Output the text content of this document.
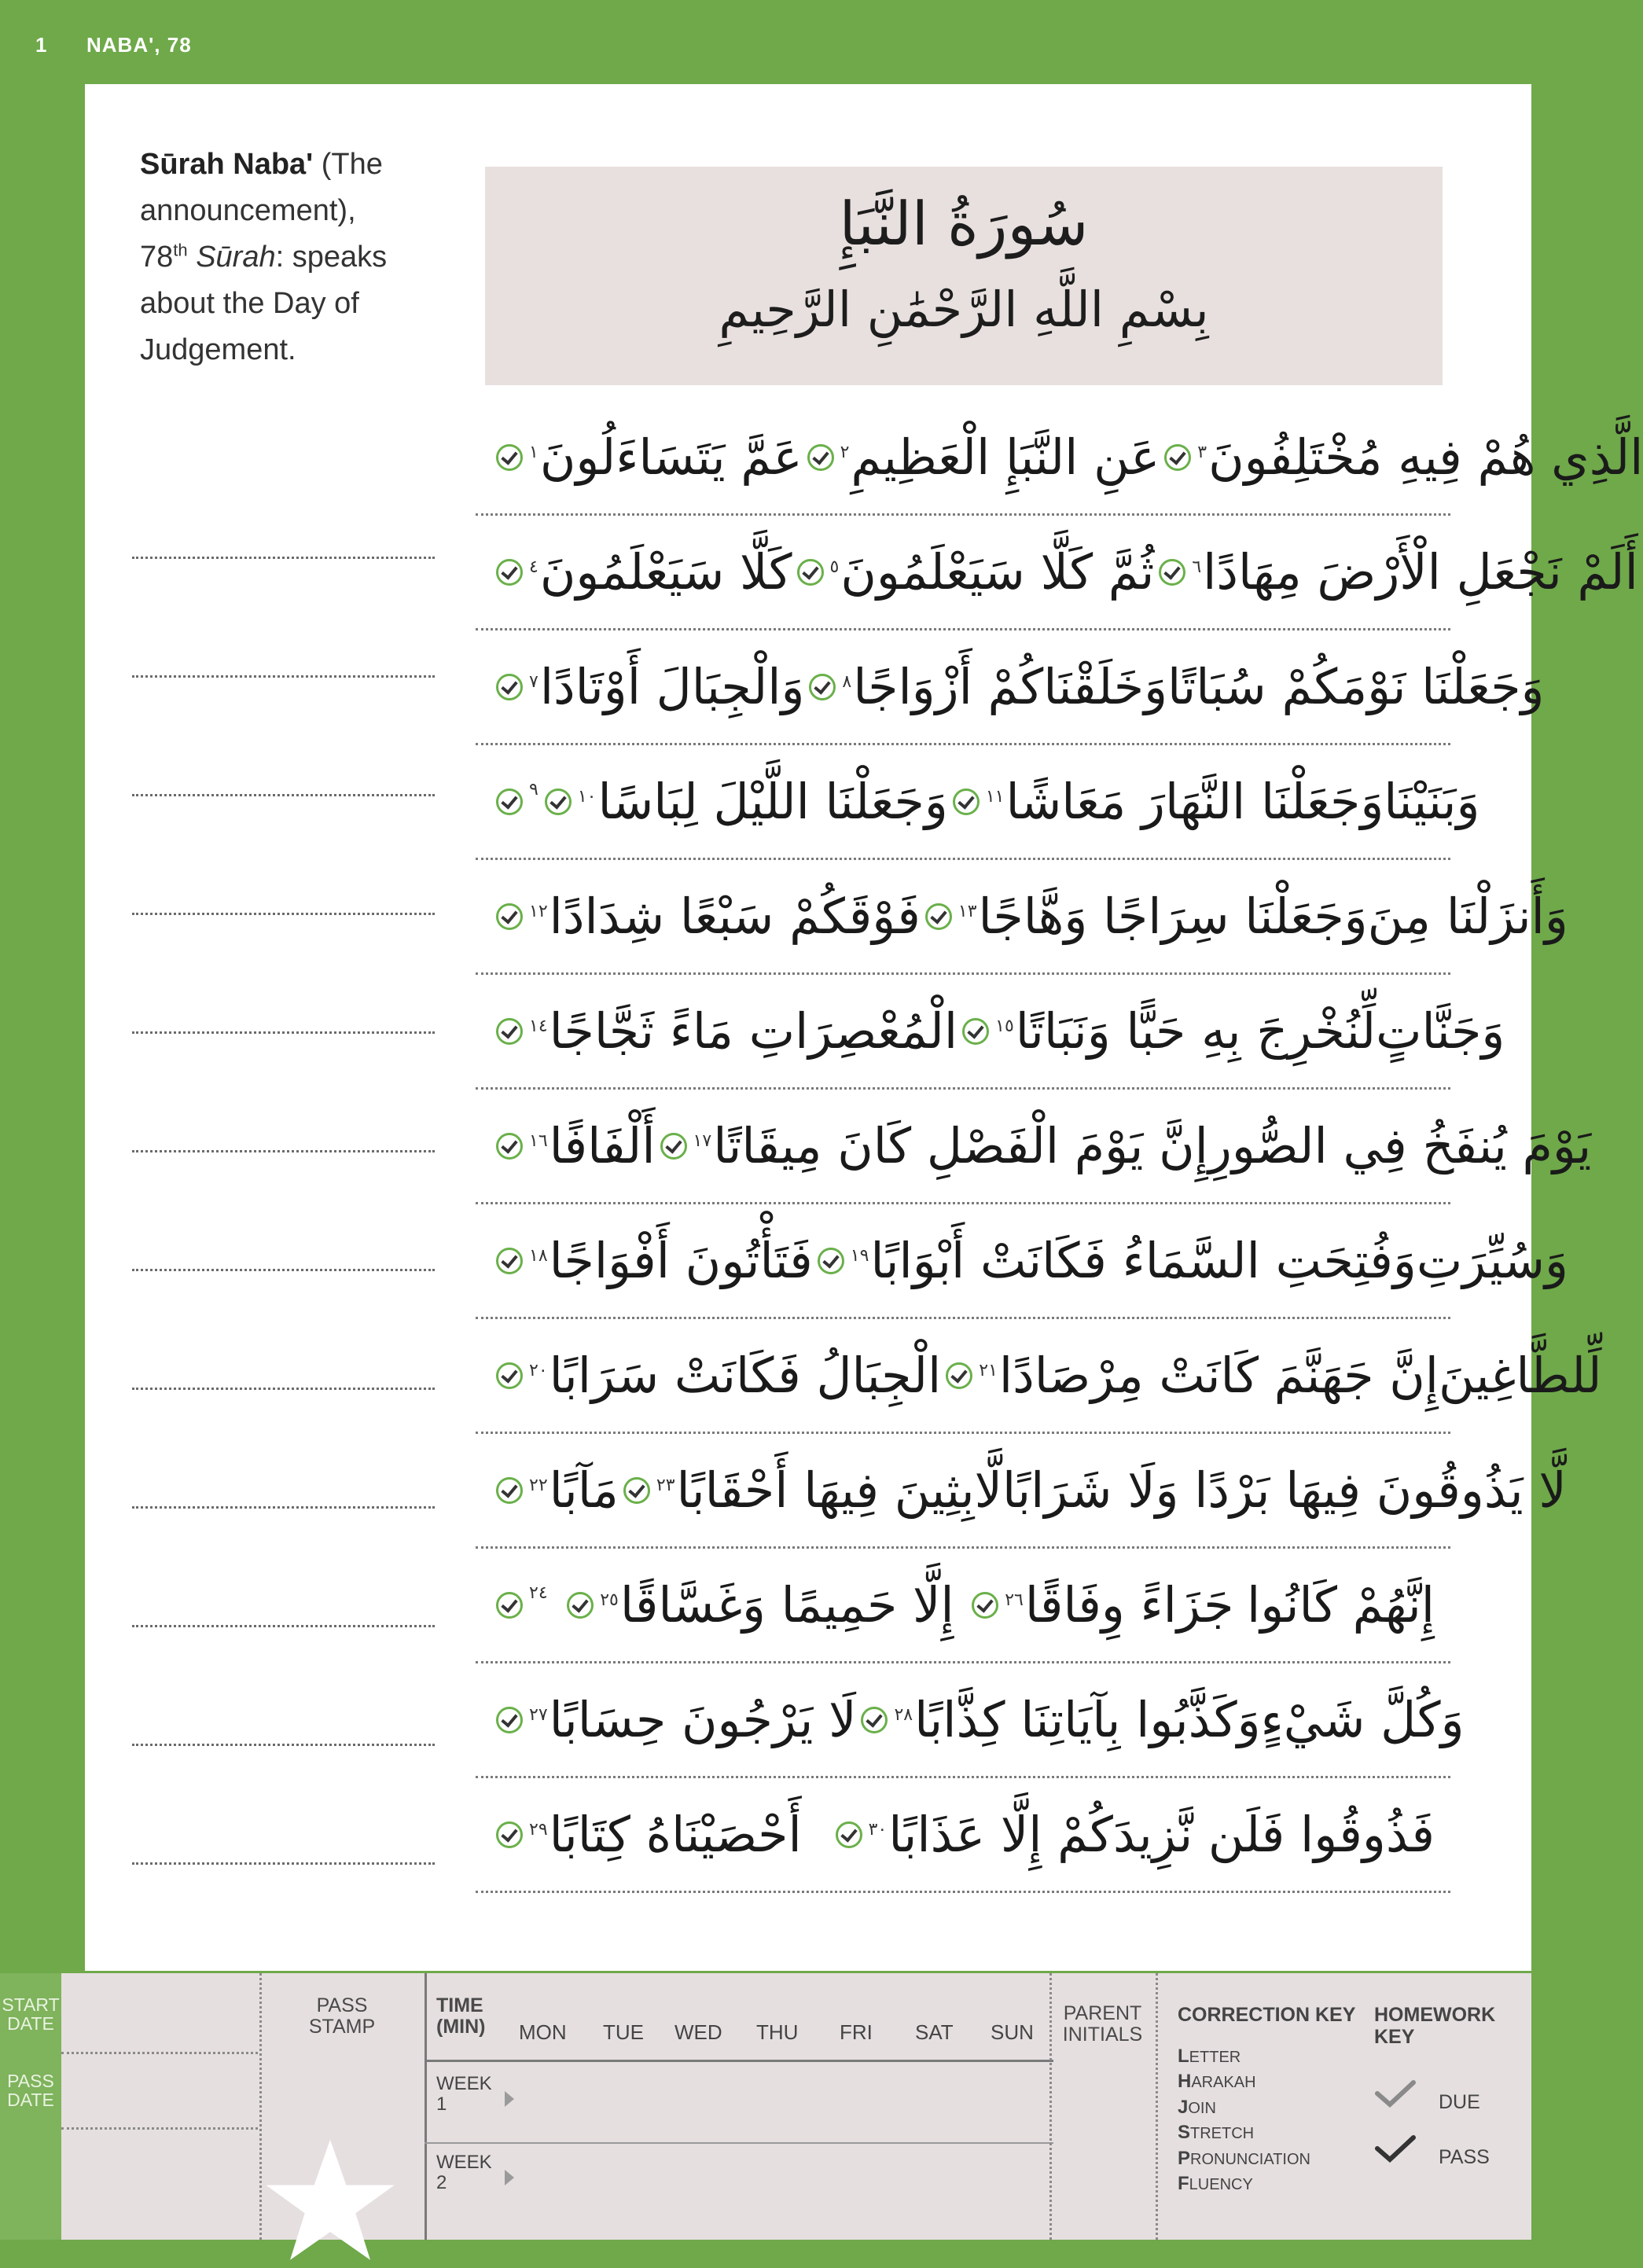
1 NABA', 78
Sūrah Naba' (The announcement), 78th Sūrah: speaks about the Day of Judgement.
سُورَةُ النَّبَإِ
بِسْمِ اللَّهِ الرَّحْمَٰنِ الرَّحِيمِ
عَمَّ يَتَسَاءَلُونَ
١	عَنِ النَّبَإِ الْعَظِيمِ
٢	الَّذِي هُمْ فِيهِ مُخْتَلِفُونَ
٣
كَلَّا سَيَعْلَمُونَ
٤	ثُمَّ كَلَّا سَيَعْلَمُونَ
٥	أَلَمْ نَجْعَلِ الْأَرْضَ مِهَادًا
٦
وَالْجِبَالَ أَوْتَادًا
٧	وَخَلَقْنَاكُمْ أَزْوَاجًا
٨	وَجَعَلْنَا نَوْمَكُمْ سُبَاتًا
٩ وَجَعَلْنَا اللَّيْلَ لِبَاسًا
١٠	وَجَعَلْنَا النَّهَارَ مَعَاشًا
١١	وَبَنَيْنَا
فَوْقَكُمْ سَبْعًا شِدَادًا
١٢	وَجَعَلْنَا سِرَاجًا وَهَّاجًا
١٣	وَأَنزَلْنَا مِنَ
الْمُعْصِرَاتِ مَاءً ثَجَّاجًا
١٤	لِّنُخْرِجَ بِهِ حَبًّا وَنَبَاتًا
١٥	وَجَنَّاتٍ
أَلْفَافًا
١٦	إِنَّ يَوْمَ الْفَصْلِ كَانَ مِيقَاتًا
١٧	يَوْمَ يُنفَخُ فِي الصُّورِ
فَتَأْتُونَ أَفْوَاجًا
١٨	وَفُتِحَتِ السَّمَاءُ فَكَانَتْ أَبْوَابًا
١٩	وَسُيِّرَتِ
الْجِبَالُ فَكَانَتْ سَرَابًا
٢٠	إِنَّ جَهَنَّمَ كَانَتْ مِرْصَادًا
٢١	لِّلطَّاغِينَ
مَآبًا
٢٢	لَّابِثِينَ فِيهَا أَحْقَابًا
٢٣	لَّا يَذُوقُونَ فِيهَا بَرْدًا وَلَا شَرَابًا
٢٤ إِلَّا حَمِيمًا وَغَسَّاقًا
٢٥	جَزَاءً وِفَاقًا
٢٦	إِنَّهُمْ كَانُوا
لَا يَرْجُونَ حِسَابًا
٢٧	وَكَذَّبُوا بِآيَاتِنَا كِذَّابًا
٢٨	وَكُلَّ شَيْءٍ
أَحْصَيْنَاهُ كِتَابًا
٢٩	فَذُوقُوا فَلَن نَّزِيدَكُمْ إِلَّا عَذَابًا
٣٠
START DATE
PASS DATE
PASS STAMP
TIME (MIN) MON TUE WED THU FRI SAT SUN
WEEK 1
WEEK 2
PARENT INITIALS
CORRECTION KEY
LETTER
HARAKAH
JOIN
STRETCH
PRONUNCIATION
FLUENCY
HOMEWORK KEY
DUE
PASS
